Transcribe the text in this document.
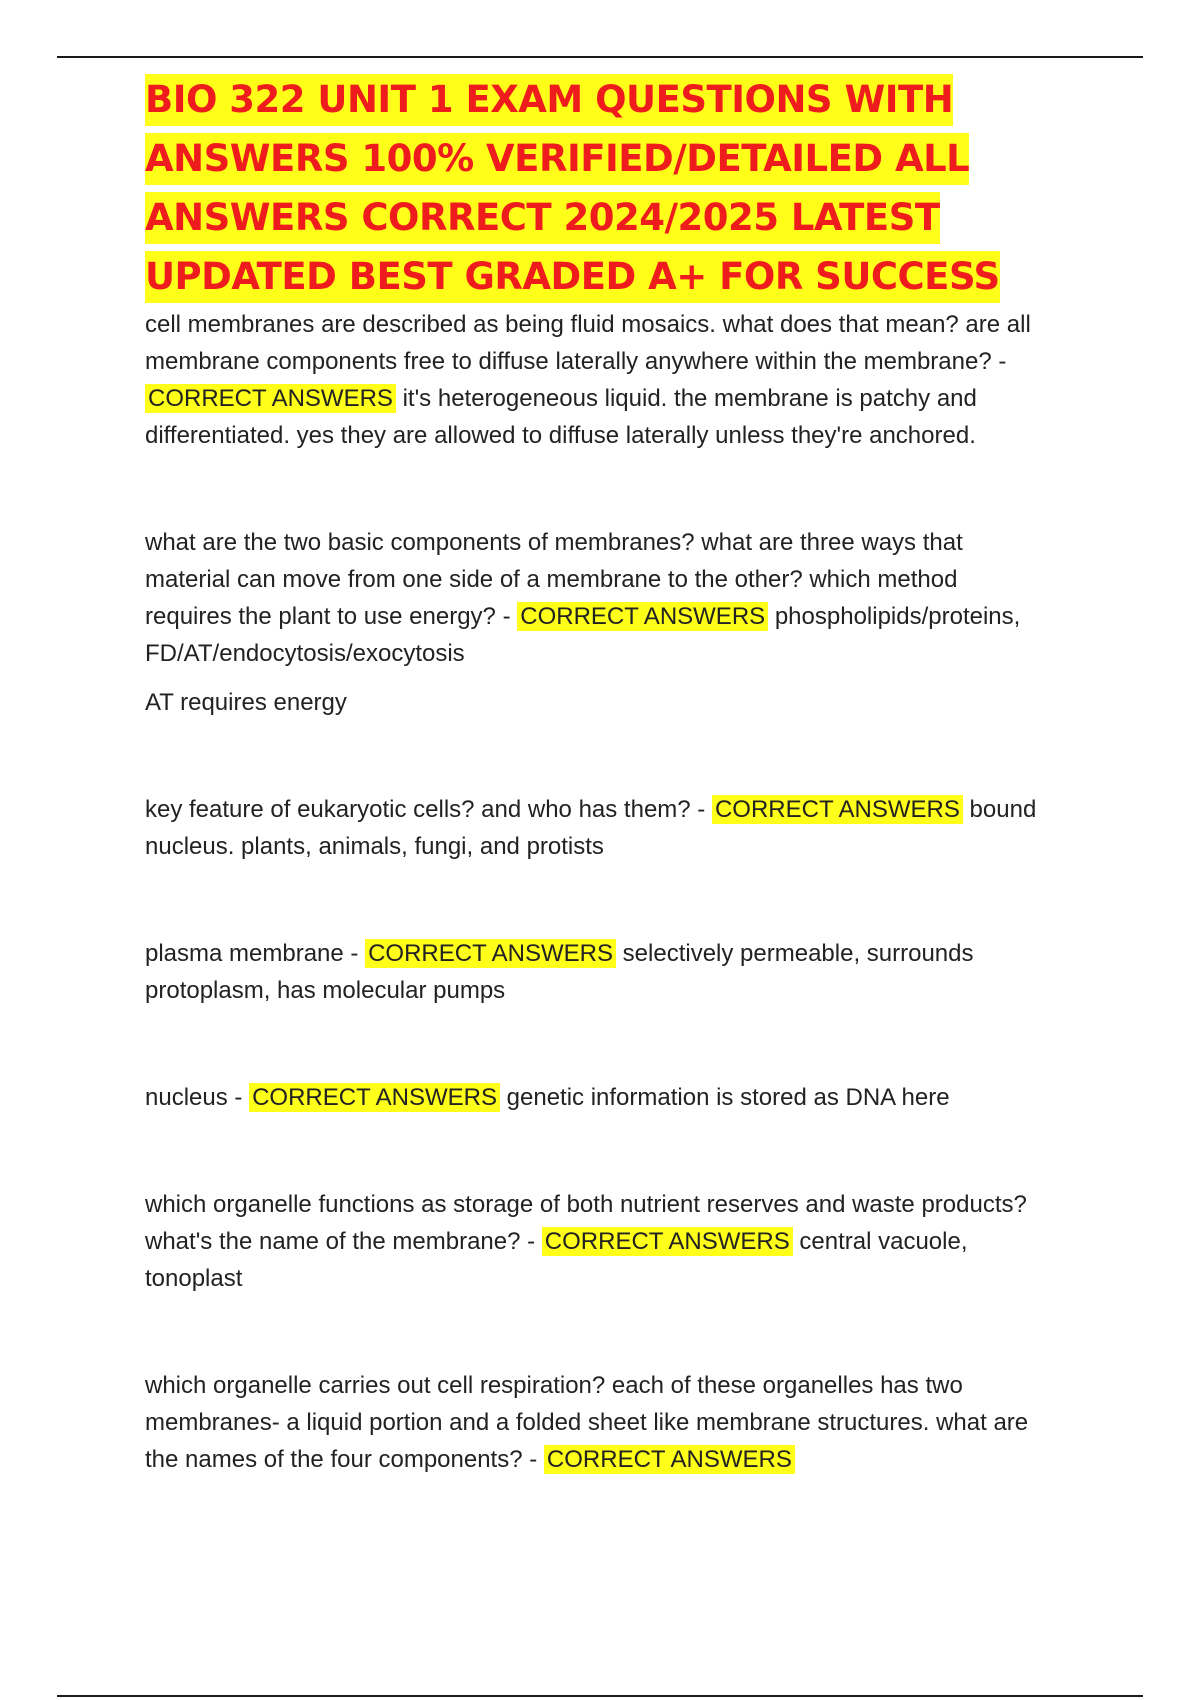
BIO 322 UNIT 1 EXAM QUESTIONS WITH ANSWERS 100% VERIFIED/DETAILED ALL ANSWERS CORRECT 2024/2025 LATEST UPDATED BEST GRADED A+ FOR SUCCESS

cell membranes are described as being fluid mosaics. what does that mean? are all membrane components free to diffuse laterally anywhere within the membrane? - CORRECT ANSWERS it's heterogeneous liquid. the membrane is patchy and differentiated. yes they are allowed to diffuse laterally unless they're anchored.

what are the two basic components of membranes? what are three ways that material can move from one side of a membrane to the other? which method requires the plant to use energy? - CORRECT ANSWERS phospholipids/proteins, FD/AT/endocytosis/exocytosis

AT requires energy

key feature of eukaryotic cells? and who has them? - CORRECT ANSWERS bound nucleus. plants, animals, fungi, and protists

plasma membrane - CORRECT ANSWERS selectively permeable, surrounds protoplasm, has molecular pumps

nucleus - CORRECT ANSWERS genetic information is stored as DNA here

which organelle functions as storage of both nutrient reserves and waste products? what's the name of the membrane? - CORRECT ANSWERS central vacuole, tonoplast

which organelle carries out cell respiration? each of these organelles has two membranes- a liquid portion and a folded sheet like membrane structures. what are the names of the four components? - CORRECT ANSWERS
